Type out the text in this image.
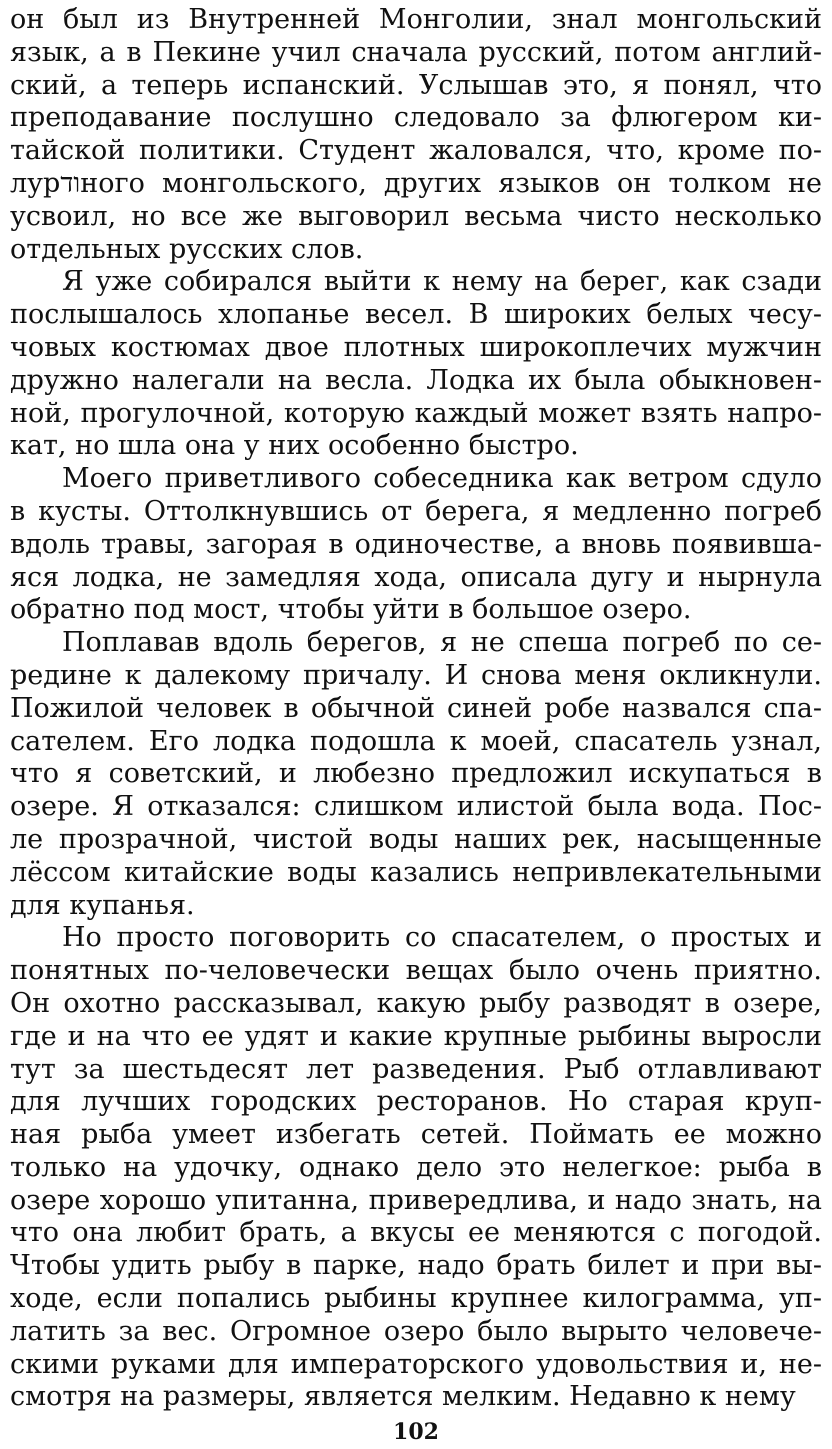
он был из Внутренней Монголии, знал монгольский
язык, а в Пекине учил сначала русский, потом англий-
ский, а теперь испанский. Услышав это, я понял, что
преподавание послушно следовало за флюгером ки-
тайской политики. Студент жаловался, что, кроме по-
лурודного монгольского, других языков он толком не
усвоил, но все же выговорил весьма чисто несколько
отдельных русских слов.
Я уже собирался выйти к нему на берег, как сзади
послышалось хлопанье весел. В широких белых чесу-
човых костюмах двое плотных широкоплечих мужчин
дружно налегали на весла. Лодка их была обыкновен-
ной, прогулочной, которую каждый может взять напро-
кат, но шла она у них особенно быстро.
Моего приветливого собеседника как ветром сдуло
в кусты. Оттолкнувшись от берега, я медленно погреб
вдоль травы, загорая в одиночестве, а вновь появивша-
яся лодка, не замедляя хода, описала дугу и нырнула
обратно под мост, чтобы уйти в большое озеро.
Поплавав вдоль берегов, я не спеша погреб по се-
редине к далекому причалу. И снова меня окликнули.
Пожилой человек в обычной синей робе назвался спа-
сателем. Его лодка подошла к моей, спасатель узнал,
что я советский, и любезно предложил искупаться в
озере. Я отказался: слишком илистой была вода. Пос-
ле прозрачной, чистой воды наших рек, насыщенные
лёссом китайские воды казались непривлекательными
для купанья.
Но просто поговорить со спасателем, о простых и
понятных по-человечески вещах было очень приятно.
Он охотно рассказывал, какую рыбу разводят в озере,
где и на что ее удят и какие крупные рыбины выросли
тут за шестьдесят лет разведения. Рыб отлавливают
для лучших городских ресторанов. Но старая круп-
ная рыба умеет избегать сетей. Поймать ее можно
только на удочку, однако дело это нелегкое: рыба в
озере хорошо упитанна, привередлива, и надо знать, на
что она любит брать, а вкусы ее меняются с погодой.
Чтобы удить рыбу в парке, надо брать билет и при вы-
ходе, если попались рыбины крупнее килограмма, уп-
латить за вес. Огромное озеро было вырыто человече-
скими руками для императорского удовольствия и, не-
смотря на размеры, является мелким. Недавно к нему
102
